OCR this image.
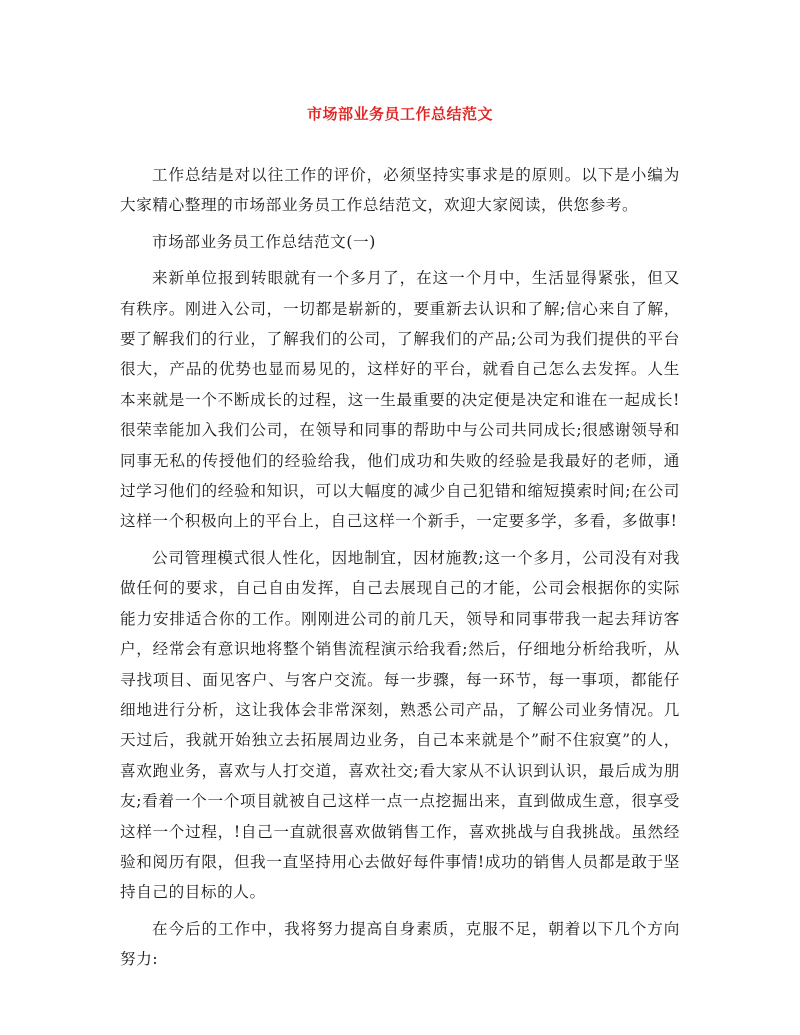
市场部业务员工作总结范文

工作总结是对以往工作的评价，必须坚持实事求是的原则。以下是小编为大家精心整理的市场部业务员工作总结范文，欢迎大家阅读，供您参考。

市场部业务员工作总结范文(一)

来新单位报到转眼就有一个多月了，在这一个月中，生活显得紧张，但又有秩序。刚进入公司，一切都是崭新的，要重新去认识和了解;信心来自了解，要了解我们的行业，了解我们的公司，了解我们的产品;公司为我们提供的平台很大，产品的优势也显而易见的，这样好的平台，就看自己怎么去发挥。人生本来就是一个不断成长的过程，这一生最重要的决定便是决定和谁在一起成长!很荣幸能加入我们公司，在领导和同事的帮助中与公司共同成长;很感谢领导和同事无私的传授他们的经验给我，他们成功和失败的经验是我最好的老师，通过学习他们的经验和知识，可以大幅度的减少自己犯错和缩短摸索时间;在公司这样一个积极向上的平台上，自己这样一个新手，一定要多学，多看，多做事!

公司管理模式很人性化，因地制宜，因材施教;这一个多月，公司没有对我做任何的要求，自己自由发挥，自己去展现自己的才能，公司会根据你的实际能力安排适合你的工作。刚刚进公司的前几天，领导和同事带我一起去拜访客户，经常会有意识地将整个销售流程演示给我看;然后，仔细地分析给我听，从寻找项目、面见客户、与客户交流。每一步骤，每一环节，每一事项，都能仔细地进行分析，这让我体会非常深刻，熟悉公司产品，了解公司业务情况。几天过后，我就开始独立去拓展周边业务，自己本来就是个”耐不住寂寞”的人，喜欢跑业务，喜欢与人打交道，喜欢社交;看大家从不认识到认识，最后成为朋友;看着一个一个项目就被自己这样一点一点挖掘出来，直到做成生意，很享受这样一个过程，!自己一直就很喜欢做销售工作，喜欢挑战与自我挑战。虽然经验和阅历有限，但我一直坚持用心去做好每件事情!成功的销售人员都是敢于坚持自己的目标的人。

在今后的工作中，我将努力提高自身素质，克服不足，朝着以下几个方向努力:
